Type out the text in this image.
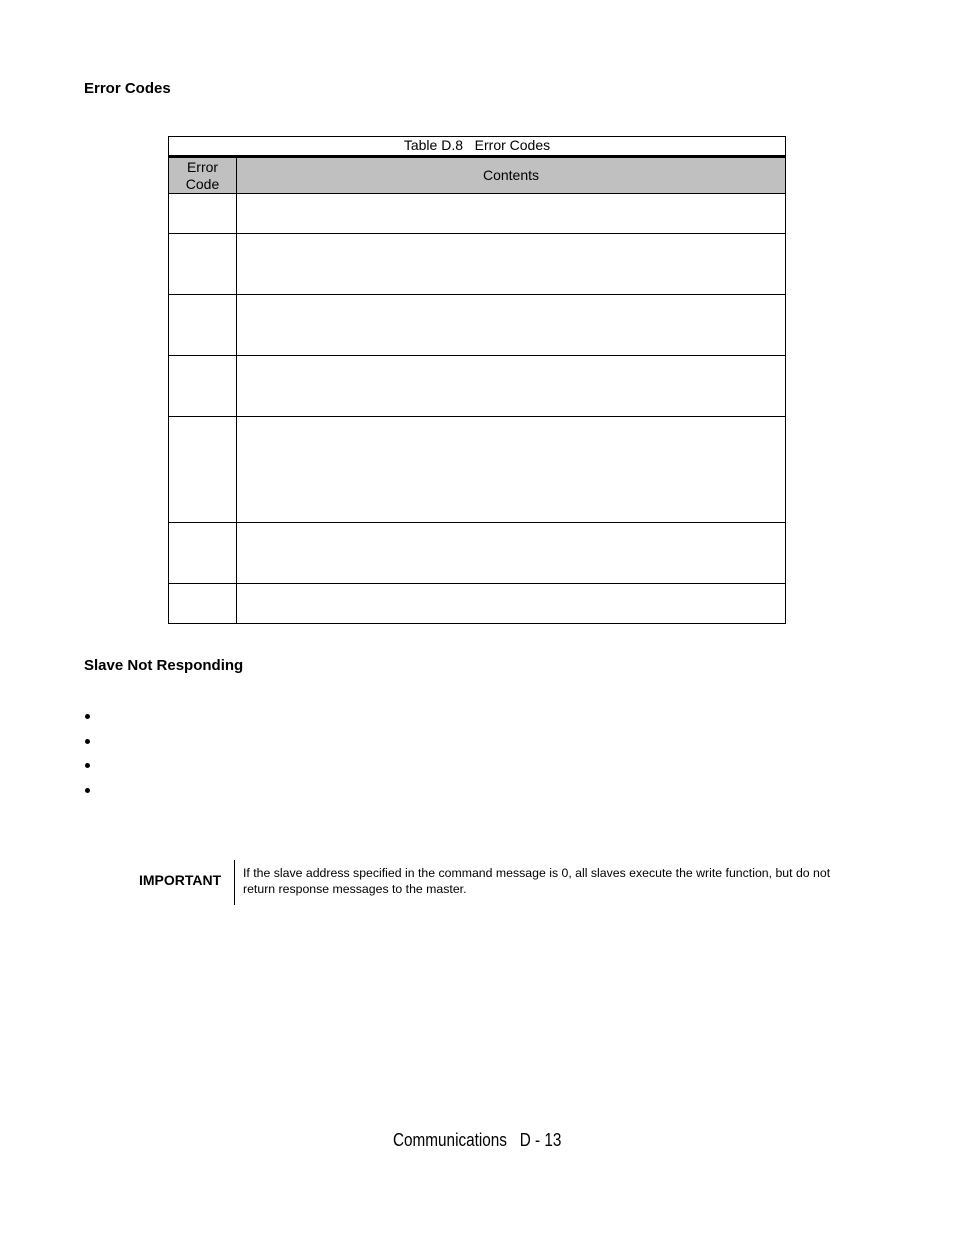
Error Codes
Table D.8   Error Codes
Error
Code	Contents

Slave Not Responding
IMPORTANT If the slave address specified in the command message is 0, all slaves execute the write function, but do not return response messages to the master.
Communications   D - 13
